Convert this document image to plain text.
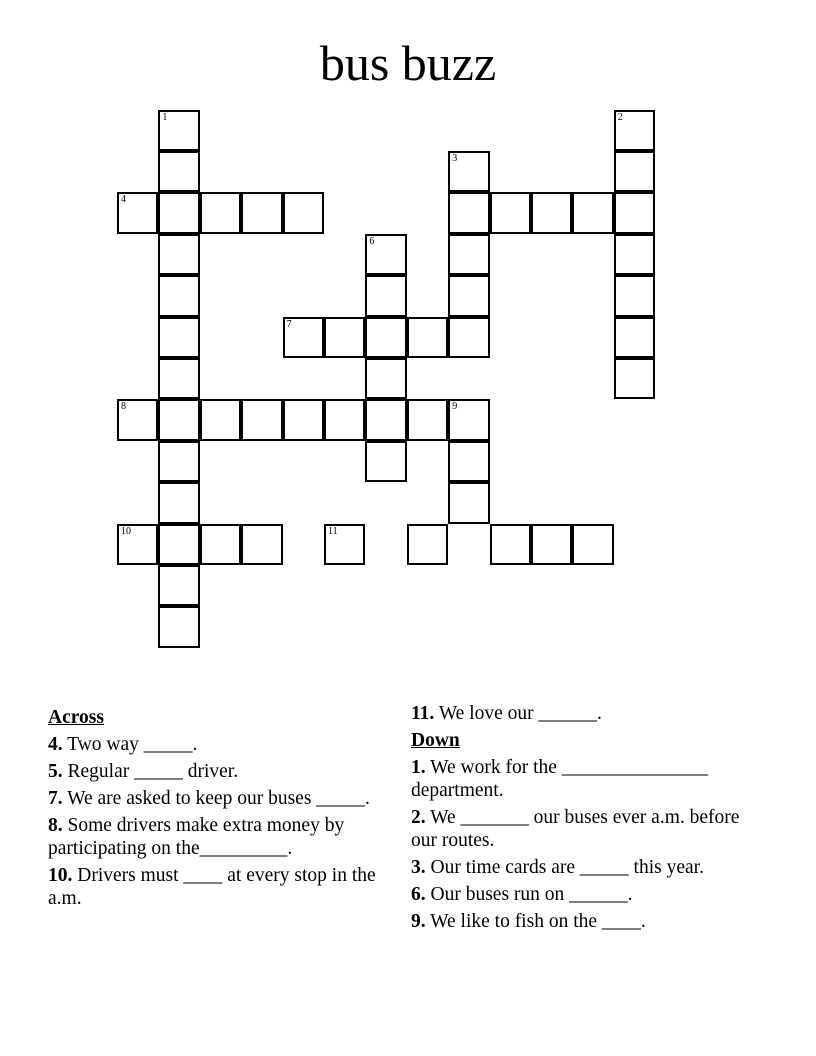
bus buzz
1	2
3
4
6
7
8	9
10	11
Across
4. Two way _____.
5. Regular _____ driver.
7. We are asked to keep our buses _____.
8. Some drivers make extra money by participating on the_________.
10. Drivers must ____ at every stop in the a.m.
11. We love our ______.
Down
1. We work for the _______________ department.
2. We _______ our buses ever a.m. before our routes.
3. Our time cards are _____ this year.
6. Our buses run on ______.
9. We like to fish on the ____.
